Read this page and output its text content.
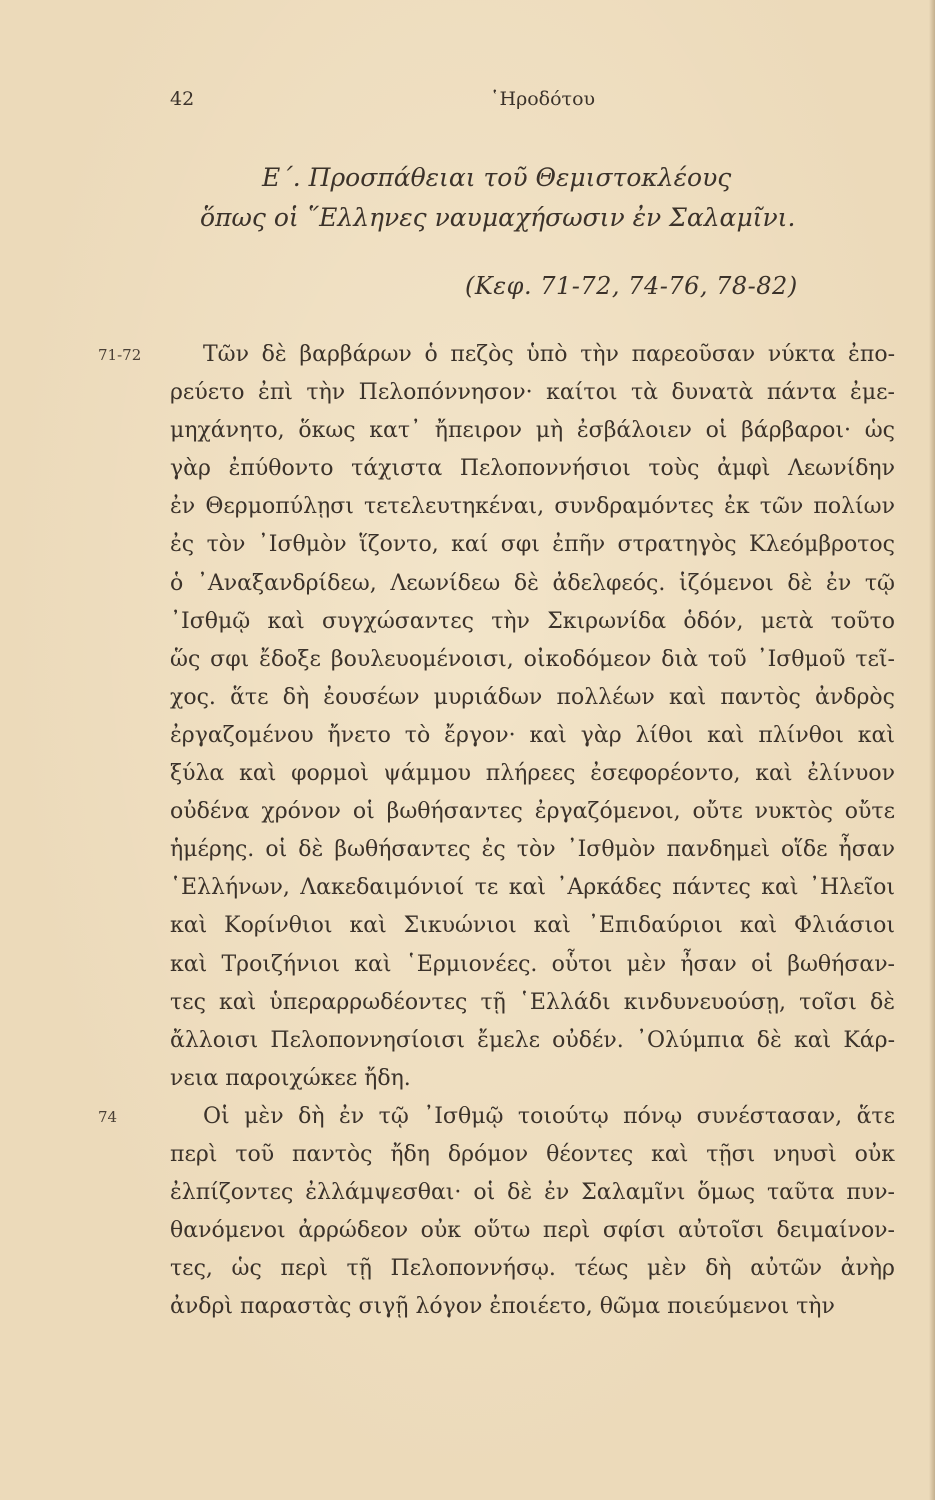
42	῾Ηροδότου
Ε΄. Προσπάθειαι τοῦ Θεμιστοκλέους
ὅπως οἱ ῞Ελληνες ναυμαχήσωσιν ἐν Σαλαμῖνι.
(Κεφ. 71-72, 74-76, 78-82)
71-72	Τῶν δὲ βαρβάρων ὁ πεζὸς ὑπὸ τὴν παρεοῦσαν νύκτα ἐπο-
ρεύετο ἐπὶ τὴν Πελοπόννησον· καίτοι τὰ δυνατὰ πάντα ἐμε-
μηχάνητο, ὅκως κατ᾽ ἤπειρον μὴ ἐσβάλοιεν οἱ βάρβαροι· ὡς
γὰρ ἐπύθοντο τάχιστα Πελοποννήσιοι τοὺς ἀμφὶ Λεωνίδην
ἐν Θερμοπύλῃσι τετελευτηκέναι, συνδραμόντες ἐκ τῶν πολίων
ἐς τὸν ᾽Ισθμὸν ἵζοντο, καί σφι ἐπῆν στρατηγὸς Κλεόμβροτος
ὁ ᾽Αναξανδρίδεω, Λεωνίδεω δὲ ἀδελφεός. ἱζόμενοι δὲ ἐν τῷ
᾽Ισθμῷ καὶ συγχώσαντες τὴν Σκιρωνίδα ὁδόν, μετὰ τοῦτο
ὥς σφι ἔδοξε βουλευομένοισι, οἰκοδόμεον διὰ τοῦ ᾽Ισθμοῦ τεῖ-
χος. ἅτε δὴ ἐουσέων μυριάδων πολλέων καὶ παντὸς ἀνδρὸς
ἐργαζομένου ἤνετο τὸ ἔργον· καὶ γὰρ λίθοι καὶ πλίνθοι καὶ
ξύλα καὶ φορμοὶ ψάμμου πλήρεες ἐσεφορέοντο, καὶ ἐλίνυον
οὐδένα χρόνον οἱ βωθήσαντες ἐργαζόμενοι, οὔτε νυκτὸς οὔτε
ἡμέρης. οἱ δὲ βωθήσαντες ἐς τὸν ᾽Ισθμὸν πανδημεὶ οἵδε ἦσαν
῾Ελλήνων, Λακεδαιμόνιοί τε καὶ ᾽Αρκάδες πάντες καὶ ᾽Ηλεῖοι
καὶ Κορίνθιοι καὶ Σικυώνιοι καὶ ᾽Επιδαύριοι καὶ Φλιάσιοι
καὶ Τροιζήνιοι καὶ ῾Ερμιονέες. οὗτοι μὲν ἦσαν οἱ βωθήσαν-
τες καὶ ὑπεραρρωδέοντες τῇ ῾Ελλάδι κινδυνευούσῃ, τοῖσι δὲ
ἄλλοισι Πελοποννησίοισι ἔμελε οὐδέν. ᾽Ολύμπια δὲ καὶ Κάρ-
νεια παροιχώκεε ἤδη.
74	Οἱ μὲν δὴ ἐν τῷ ᾽Ισθμῷ τοιούτῳ πόνῳ συνέστασαν, ἅτε
περὶ τοῦ παντὸς ἤδη δρόμον θέοντες καὶ τῇσι νηυσὶ οὐκ
ἐλπίζοντες ἐλλάμψεσθαι· οἱ δὲ ἐν Σαλαμῖνι ὅμως ταῦτα πυν-
θανόμενοι ἀρρώδεον οὐκ οὕτω περὶ σφίσι αὐτοῖσι δειμαίνον-
τες, ὡς περὶ τῇ Πελοποννήσῳ. τέως μὲν δὴ αὐτῶν ἀνὴρ
ἀνδρὶ παραστὰς σιγῇ λόγον ἐποιέετο, θῶμα ποιεύμενοι τὴν
